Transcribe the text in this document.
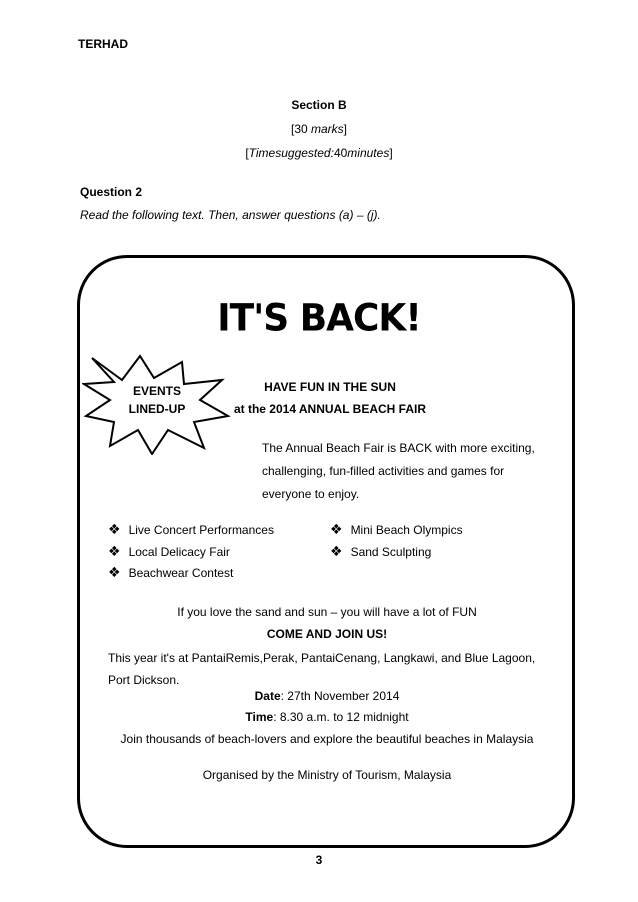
TERHAD
Section B
[30 marks]
[Timesuggested:40minutes]
Question 2
Read the following text. Then, answer questions (a) – (j).
IT'S BACK!
EVENTS
LINED-UP
HAVE FUN IN THE SUN
at the 2014 ANNUAL BEACH FAIR
The Annual Beach Fair is BACK with more exciting, challenging, fun-filled activities and games for everyone to enjoy.
❖ Live Concert Performances
❖ Local Delicacy Fair
❖ Beachwear Contest
❖ Mini Beach Olympics
❖ Sand Sculpting
If you love the sand and sun – you will have a lot of FUN
COME AND JOIN US!
This year it's at PantaiRemis,Perak, PantaiCenang, Langkawi, and Blue Lagoon, Port Dickson.
Date: 27th November 2014
Time: 8.30 a.m. to 12 midnight
Join thousands of beach-lovers and explore the beautiful beaches in Malaysia
Organised by the Ministry of Tourism, Malaysia
3
